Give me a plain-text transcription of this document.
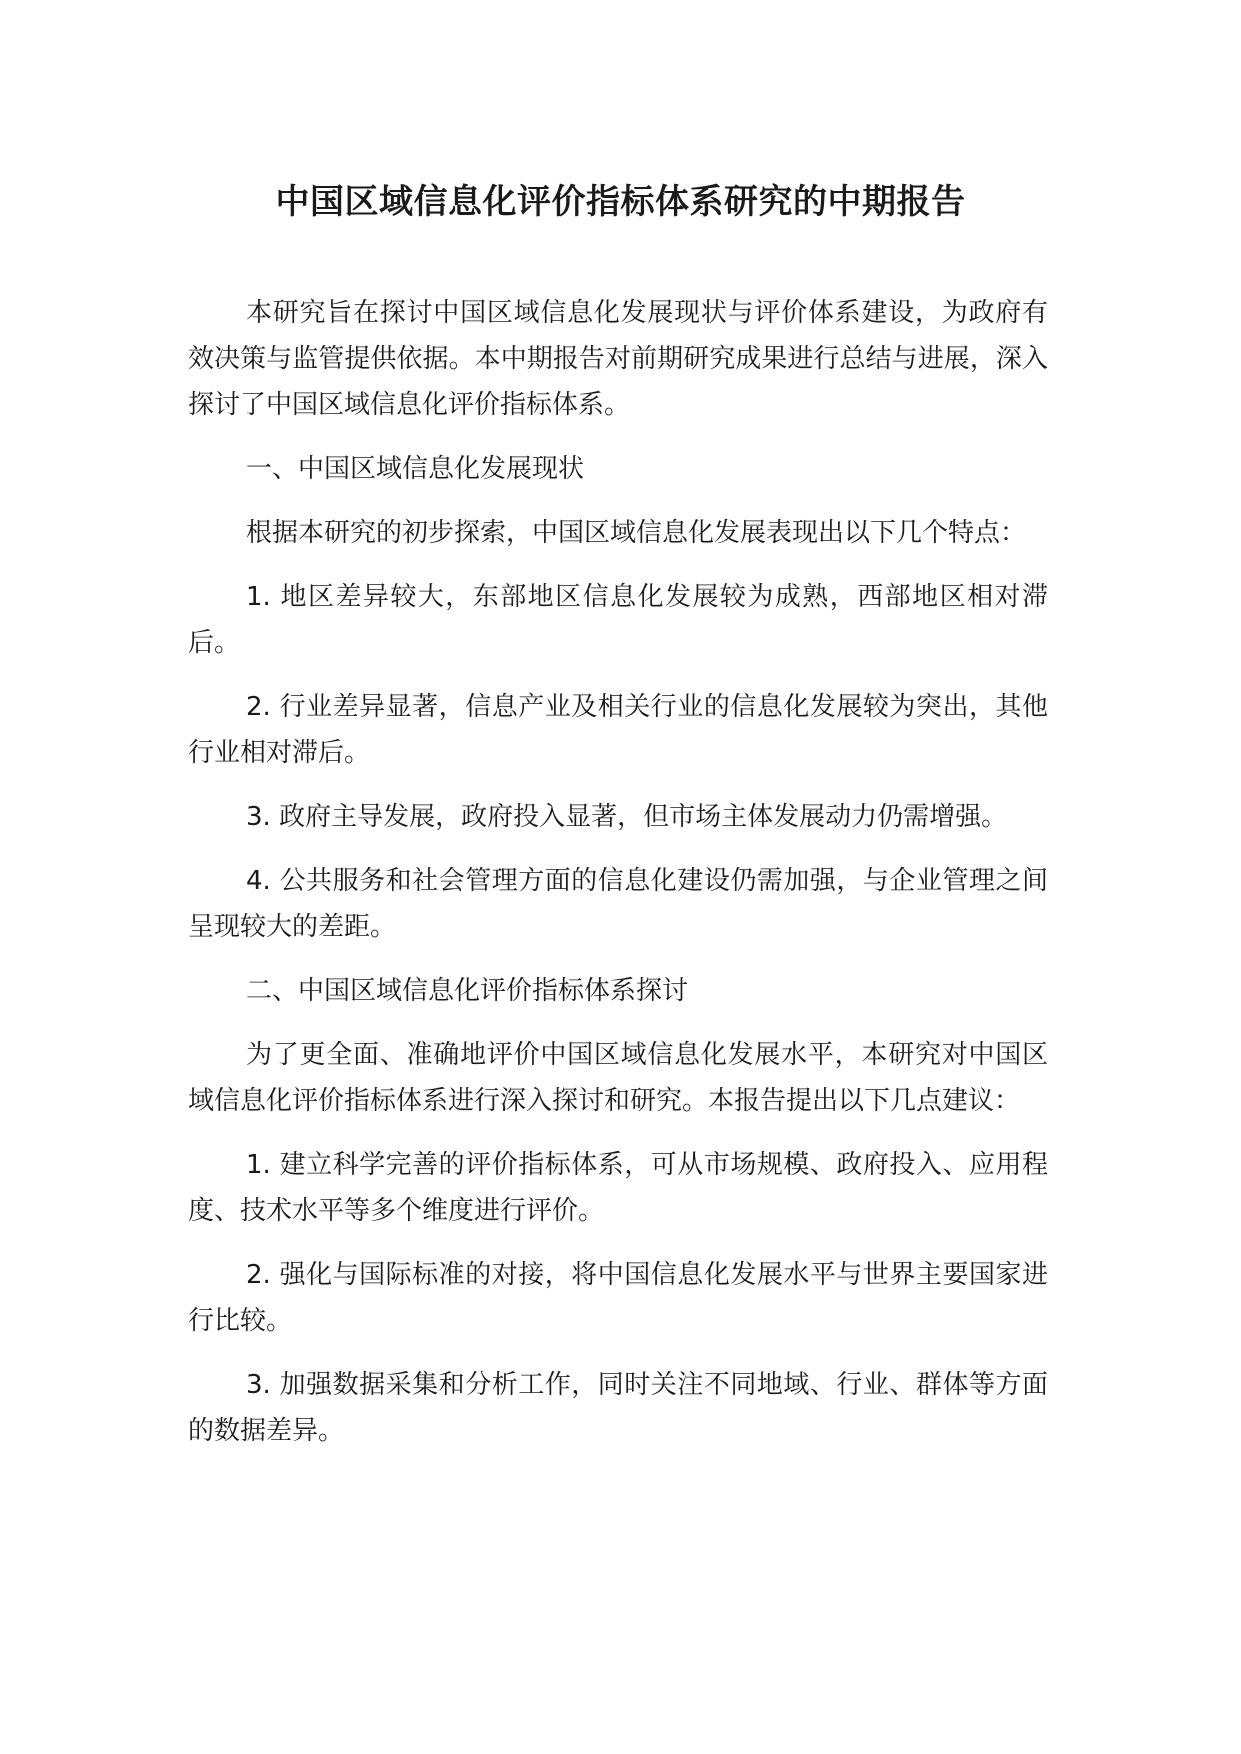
中国区域信息化评价指标体系研究的中期报告

本研究旨在探讨中国区域信息化发展现状与评价体系建设，为政府有效决策与监管提供依据。本中期报告对前期研究成果进行总结与进展，深入探讨了中国区域信息化评价指标体系。

一、中国区域信息化发展现状

根据本研究的初步探索，中国区域信息化发展表现出以下几个特点：

1. 地区差异较大，东部地区信息化发展较为成熟，西部地区相对滞后。

2. 行业差异显著，信息产业及相关行业的信息化发展较为突出，其他行业相对滞后。

3. 政府主导发展，政府投入显著，但市场主体发展动力仍需增强。

4. 公共服务和社会管理方面的信息化建设仍需加强，与企业管理之间呈现较大的差距。

二、中国区域信息化评价指标体系探讨

为了更全面、准确地评价中国区域信息化发展水平，本研究对中国区域信息化评价指标体系进行深入探讨和研究。本报告提出以下几点建议：

1. 建立科学完善的评价指标体系，可从市场规模、政府投入、应用程度、技术水平等多个维度进行评价。

2. 强化与国际标准的对接，将中国信息化发展水平与世界主要国家进行比较。

3. 加强数据采集和分析工作，同时关注不同地域、行业、群体等方面的数据差异。
